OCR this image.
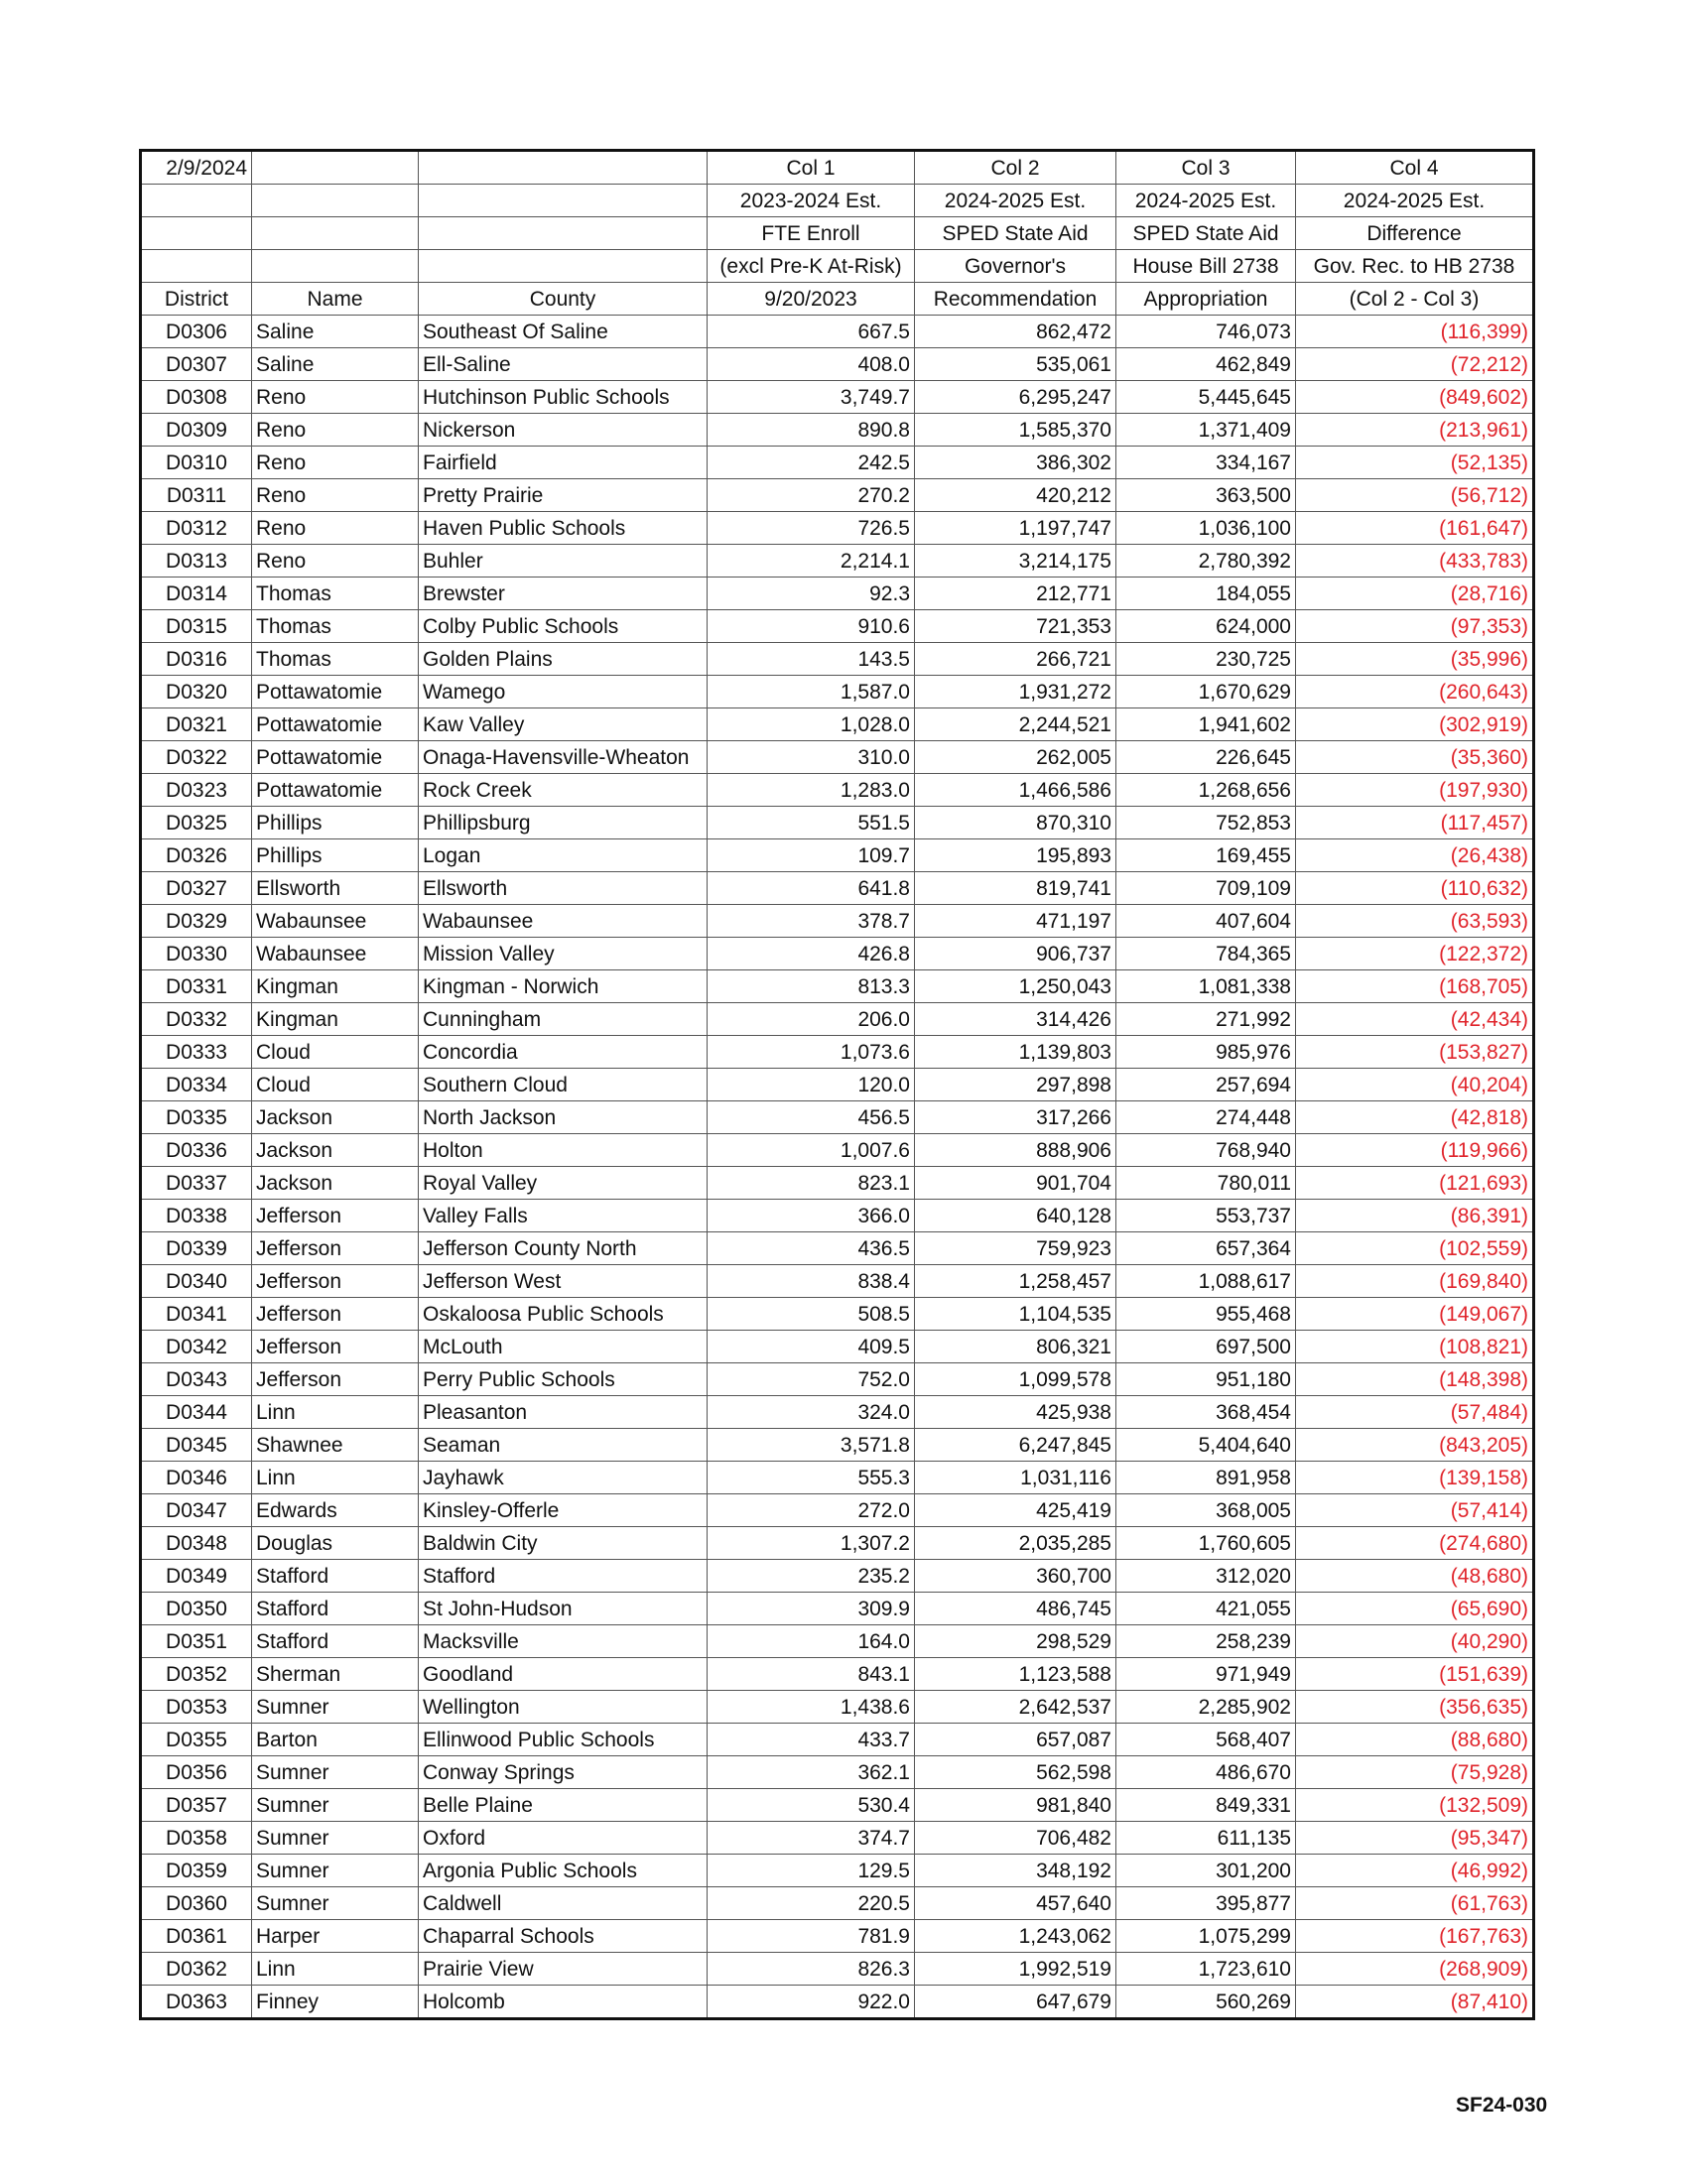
2/9/2024			Col 1	Col 2	Col 3	Col 4
			2023-2024 Est.	2024-2025 Est.	2024-2025 Est.	2024-2025 Est.
			FTE Enroll	SPED State Aid	SPED State Aid	Difference
			(excl Pre-K At-Risk)	Governor's	House Bill 2738	Gov. Rec. to HB 2738
District	Name	County	9/20/2023	Recommendation	Appropriation	(Col 2 - Col 3)
D0306	Saline	Southeast Of Saline	667.5	862,472	746,073	(116,399)
D0307	Saline	Ell-Saline	408.0	535,061	462,849	(72,212)
D0308	Reno	Hutchinson Public Schools	3,749.7	6,295,247	5,445,645	(849,602)
D0309	Reno	Nickerson	890.8	1,585,370	1,371,409	(213,961)
D0310	Reno	Fairfield	242.5	386,302	334,167	(52,135)
D0311	Reno	Pretty Prairie	270.2	420,212	363,500	(56,712)
D0312	Reno	Haven Public Schools	726.5	1,197,747	1,036,100	(161,647)
D0313	Reno	Buhler	2,214.1	3,214,175	2,780,392	(433,783)
D0314	Thomas	Brewster	92.3	212,771	184,055	(28,716)
D0315	Thomas	Colby Public Schools	910.6	721,353	624,000	(97,353)
D0316	Thomas	Golden Plains	143.5	266,721	230,725	(35,996)
D0320	Pottawatomie	Wamego	1,587.0	1,931,272	1,670,629	(260,643)
D0321	Pottawatomie	Kaw Valley	1,028.0	2,244,521	1,941,602	(302,919)
D0322	Pottawatomie	Onaga-Havensville-Wheaton	310.0	262,005	226,645	(35,360)
D0323	Pottawatomie	Rock Creek	1,283.0	1,466,586	1,268,656	(197,930)
D0325	Phillips	Phillipsburg	551.5	870,310	752,853	(117,457)
D0326	Phillips	Logan	109.7	195,893	169,455	(26,438)
D0327	Ellsworth	Ellsworth	641.8	819,741	709,109	(110,632)
D0329	Wabaunsee	Wabaunsee	378.7	471,197	407,604	(63,593)
D0330	Wabaunsee	Mission Valley	426.8	906,737	784,365	(122,372)
D0331	Kingman	Kingman - Norwich	813.3	1,250,043	1,081,338	(168,705)
D0332	Kingman	Cunningham	206.0	314,426	271,992	(42,434)
D0333	Cloud	Concordia	1,073.6	1,139,803	985,976	(153,827)
D0334	Cloud	Southern Cloud	120.0	297,898	257,694	(40,204)
D0335	Jackson	North Jackson	456.5	317,266	274,448	(42,818)
D0336	Jackson	Holton	1,007.6	888,906	768,940	(119,966)
D0337	Jackson	Royal Valley	823.1	901,704	780,011	(121,693)
D0338	Jefferson	Valley Falls	366.0	640,128	553,737	(86,391)
D0339	Jefferson	Jefferson County North	436.5	759,923	657,364	(102,559)
D0340	Jefferson	Jefferson West	838.4	1,258,457	1,088,617	(169,840)
D0341	Jefferson	Oskaloosa Public Schools	508.5	1,104,535	955,468	(149,067)
D0342	Jefferson	McLouth	409.5	806,321	697,500	(108,821)
D0343	Jefferson	Perry Public Schools	752.0	1,099,578	951,180	(148,398)
D0344	Linn	Pleasanton	324.0	425,938	368,454	(57,484)
D0345	Shawnee	Seaman	3,571.8	6,247,845	5,404,640	(843,205)
D0346	Linn	Jayhawk	555.3	1,031,116	891,958	(139,158)
D0347	Edwards	Kinsley-Offerle	272.0	425,419	368,005	(57,414)
D0348	Douglas	Baldwin City	1,307.2	2,035,285	1,760,605	(274,680)
D0349	Stafford	Stafford	235.2	360,700	312,020	(48,680)
D0350	Stafford	St John-Hudson	309.9	486,745	421,055	(65,690)
D0351	Stafford	Macksville	164.0	298,529	258,239	(40,290)
D0352	Sherman	Goodland	843.1	1,123,588	971,949	(151,639)
D0353	Sumner	Wellington	1,438.6	2,642,537	2,285,902	(356,635)
D0355	Barton	Ellinwood Public Schools	433.7	657,087	568,407	(88,680)
D0356	Sumner	Conway Springs	362.1	562,598	486,670	(75,928)
D0357	Sumner	Belle Plaine	530.4	981,840	849,331	(132,509)
D0358	Sumner	Oxford	374.7	706,482	611,135	(95,347)
D0359	Sumner	Argonia Public Schools	129.5	348,192	301,200	(46,992)
D0360	Sumner	Caldwell	220.5	457,640	395,877	(61,763)
D0361	Harper	Chaparral Schools	781.9	1,243,062	1,075,299	(167,763)
D0362	Linn	Prairie View	826.3	1,992,519	1,723,610	(268,909)
D0363	Finney	Holcomb	922.0	647,679	560,269	(87,410)
SF24-030
